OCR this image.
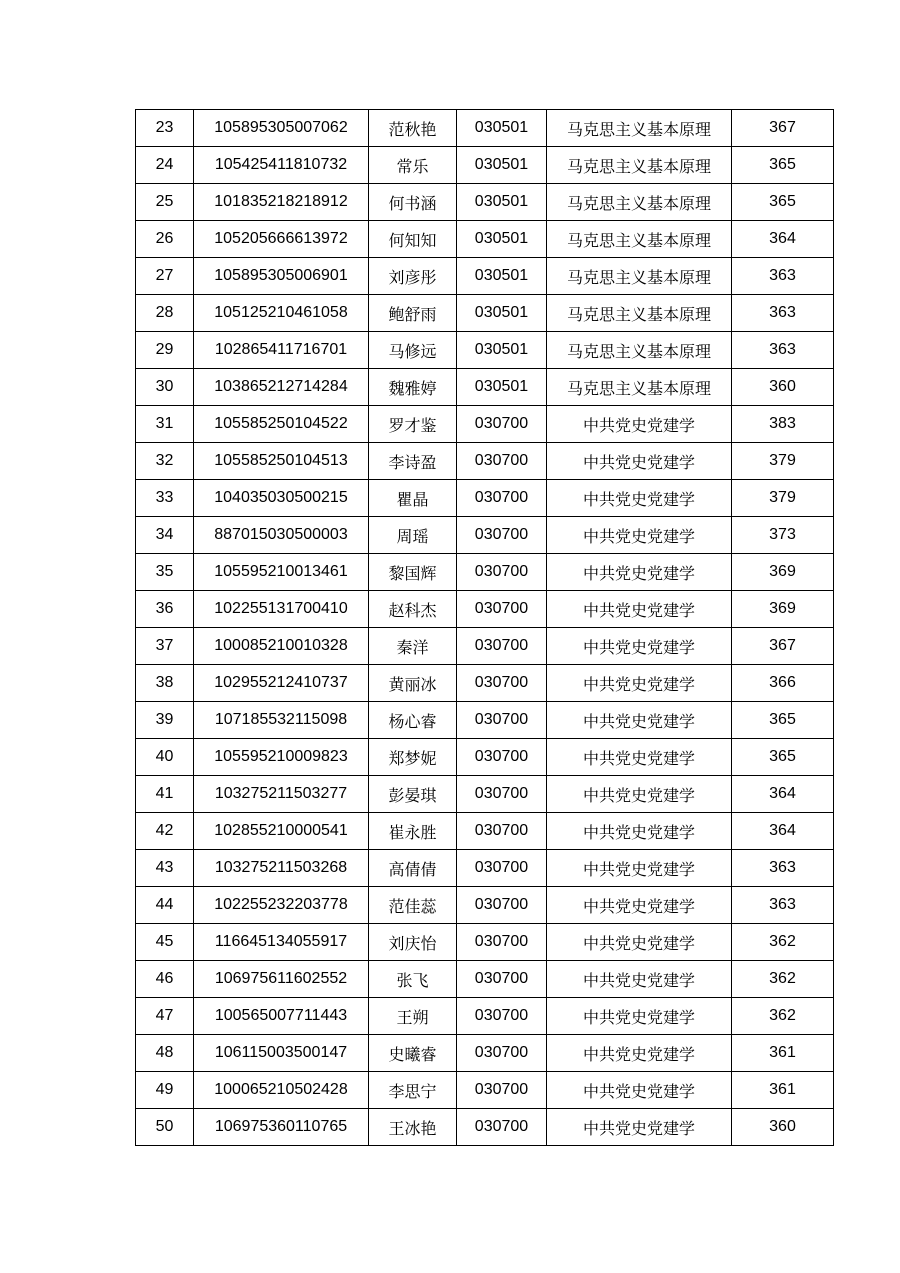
23	105895305007062	范秋艳	030501	马克思主义基本原理	367
24	105425411810732	常乐	030501	马克思主义基本原理	365
25	101835218218912	何书涵	030501	马克思主义基本原理	365
26	105205666613972	何知知	030501	马克思主义基本原理	364
27	105895305006901	刘彦彤	030501	马克思主义基本原理	363
28	105125210461058	鲍舒雨	030501	马克思主义基本原理	363
29	102865411716701	马修远	030501	马克思主义基本原理	363
30	103865212714284	魏雅婷	030501	马克思主义基本原理	360
31	105585250104522	罗才鉴	030700	中共党史党建学	383
32	105585250104513	李诗盈	030700	中共党史党建学	379
33	104035030500215	瞿晶	030700	中共党史党建学	379
34	887015030500003	周瑶	030700	中共党史党建学	373
35	105595210013461	黎国辉	030700	中共党史党建学	369
36	102255131700410	赵科杰	030700	中共党史党建学	369
37	100085210010328	秦洋	030700	中共党史党建学	367
38	102955212410737	黄丽冰	030700	中共党史党建学	366
39	107185532115098	杨心睿	030700	中共党史党建学	365
40	105595210009823	郑梦妮	030700	中共党史党建学	365
41	103275211503277	彭晏琪	030700	中共党史党建学	364
42	102855210000541	崔永胜	030700	中共党史党建学	364
43	103275211503268	高倩倩	030700	中共党史党建学	363
44	102255232203778	范佳蕊	030700	中共党史党建学	363
45	116645134055917	刘庆怡	030700	中共党史党建学	362
46	106975611602552	张飞	030700	中共党史党建学	362
47	100565007711443	王朔	030700	中共党史党建学	362
48	106115003500147	史曦睿	030700	中共党史党建学	361
49	100065210502428	李思宁	030700	中共党史党建学	361
50	106975360110765	王冰艳	030700	中共党史党建学	360
